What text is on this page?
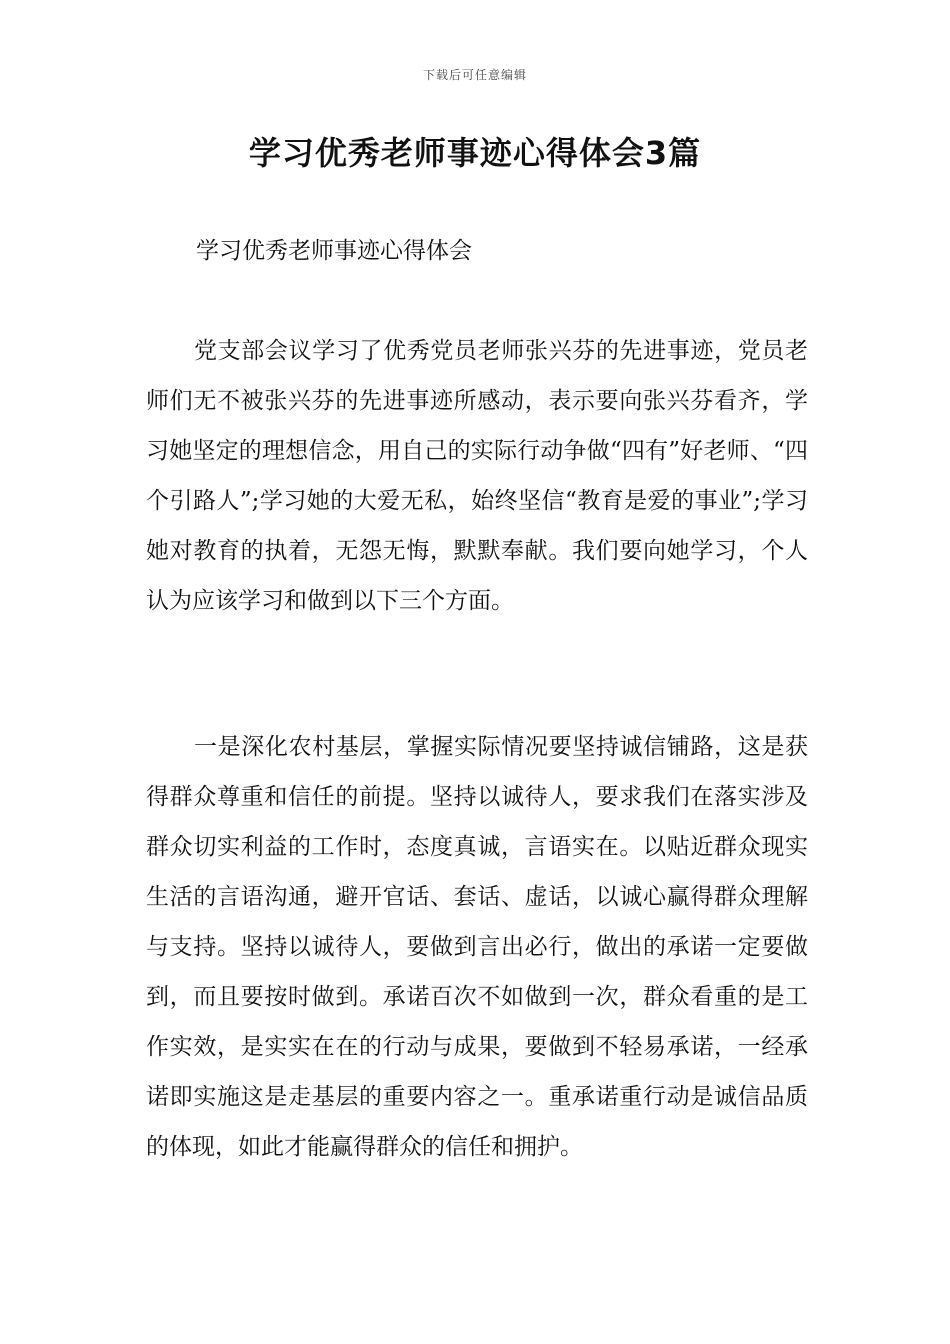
下载后可任意编辑
学习优秀老师事迹心得体会3篇

学习优秀老师事迹心得体会

党支部会议学习了优秀党员老师张兴芬的先进事迹，党员老师们无不被张兴芬的先进事迹所感动，表示要向张兴芬看齐，学习她坚定的理想信念，用自己的实际行动争做“四有”好老师、“四个引路人”;学习她的大爱无私，始终坚信“教育是爱的事业”;学习她对教育的执着，无怨无悔，默默奉献。我们要向她学习，个人认为应该学习和做到以下三个方面。

一是深化农村基层，掌握实际情况要坚持诚信铺路，这是获得群众尊重和信任的前提。坚持以诚待人，要求我们在落实涉及群众切实利益的工作时，态度真诚，言语实在。以贴近群众现实生活的言语沟通，避开官话、套话、虚话，以诚心赢得群众理解与支持。坚持以诚待人，要做到言出必行，做出的承诺一定要做到，而且要按时做到。承诺百次不如做到一次，群众看重的是工作实效，是实实在在的行动与成果，要做到不轻易承诺，一经承诺即实施这是走基层的重要内容之一。重承诺重行动是诚信品质的体现，如此才能赢得群众的信任和拥护。
